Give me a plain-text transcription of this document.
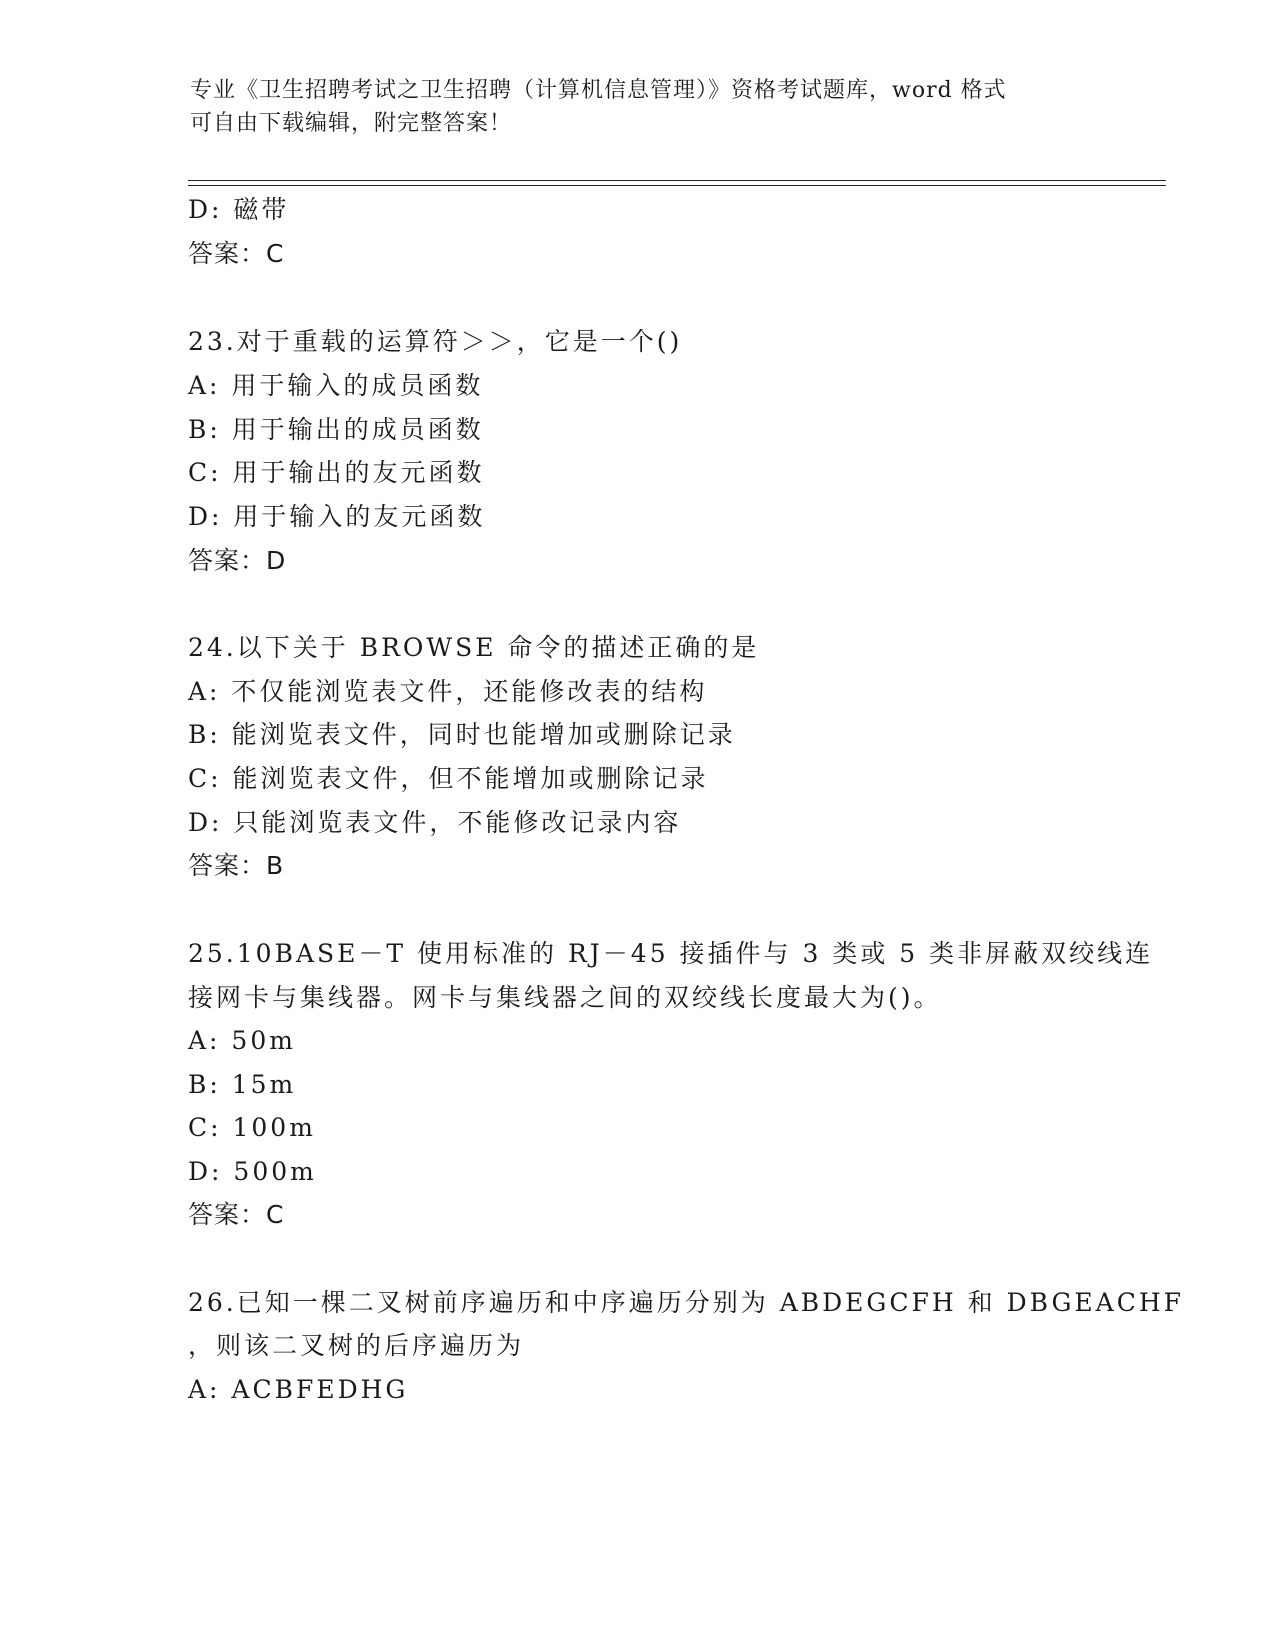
专业《卫生招聘考试之卫生招聘（计算机信息管理）》资格考试题库，word 格式
可自由下载编辑，附完整答案！
D: 磁带
答案：C
23.对于重载的运算符＞＞，它是一个()
A: 用于输入的成员函数
B: 用于输出的成员函数
C: 用于输出的友元函数
D: 用于输入的友元函数
答案：D
24.以下关于 BROWSE 命令的描述正确的是
A: 不仅能浏览表文件，还能修改表的结构
B: 能浏览表文件，同时也能增加或删除记录
C: 能浏览表文件，但不能增加或删除记录
D: 只能浏览表文件，不能修改记录内容
答案：B
25.10BASE－T 使用标准的 RJ－45 接插件与 3 类或 5 类非屏蔽双绞线连
接网卡与集线器。网卡与集线器之间的双绞线长度最大为()。
A: 50m
B: 15m
C: 100m
D: 500m
答案：C
26.已知一棵二叉树前序遍历和中序遍历分别为 ABDEGCFH 和 DBGEACHF
，则该二叉树的后序遍历为
A: ACBFEDHG
